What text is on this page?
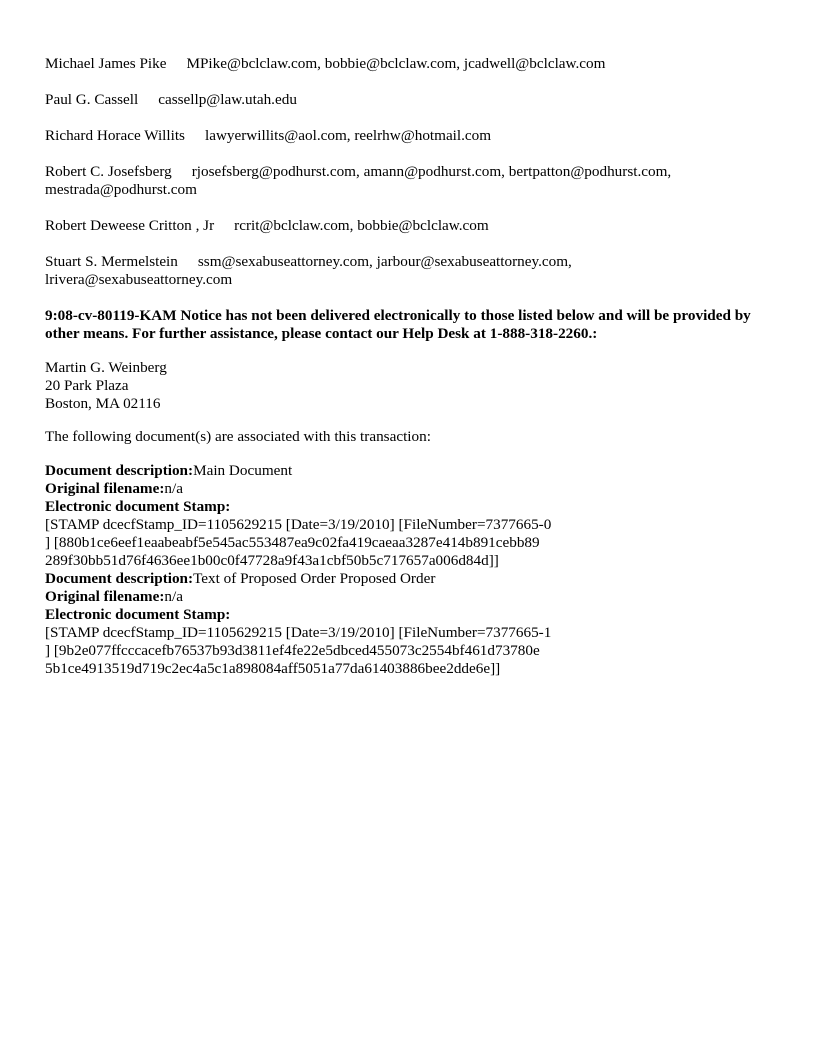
Michael James Pike MPike@bclclaw.com, bobbie@bclclaw.com, jcadwell@bclclaw.com
Paul G. Cassell cassellp@law.utah.edu
Richard Horace Willits lawyerwillits@aol.com, reelrhw@hotmail.com
Robert C. Josefsberg rjosefsberg@podhurst.com, amann@podhurst.com, bertpatton@podhurst.com, mestrada@podhurst.com
Robert Deweese Critton , Jr rcrit@bclclaw.com, bobbie@bclclaw.com
Stuart S. Mermelstein ssm@sexabuseattorney.com, jarbour@sexabuseattorney.com, lrivera@sexabuseattorney.com
9:08-cv-80119-KAM Notice has not been delivered electronically to those listed below and will be provided by other means. For further assistance, please contact our Help Desk at 1-888-318-2260.:
Martin G. Weinberg
20 Park Plaza
Boston, MA 02116
The following document(s) are associated with this transaction:
Document description:Main Document
Original filename:n/a
Electronic document Stamp:
[STAMP dcecfStamp_ID=1105629215 [Date=3/19/2010] [FileNumber=7377665-0
] [880b1ce6eef1eaabeabf5e545ac553487ea9c02fa419caeaa3287e414b891cebb89
289f30bb51d76f4636ee1b00c0f47728a9f43a1cbf50b5c717657a006d84d]]
Document description:Text of Proposed Order Proposed Order
Original filename:n/a
Electronic document Stamp:
[STAMP dcecfStamp_ID=1105629215 [Date=3/19/2010] [FileNumber=7377665-1
] [9b2e077ffcccacefb76537b93d3811ef4fe22e5dbced455073c2554bf461d73780e
5b1ce4913519d719c2ec4a5c1a898084aff5051a77da61403886bee2dde6e]]
